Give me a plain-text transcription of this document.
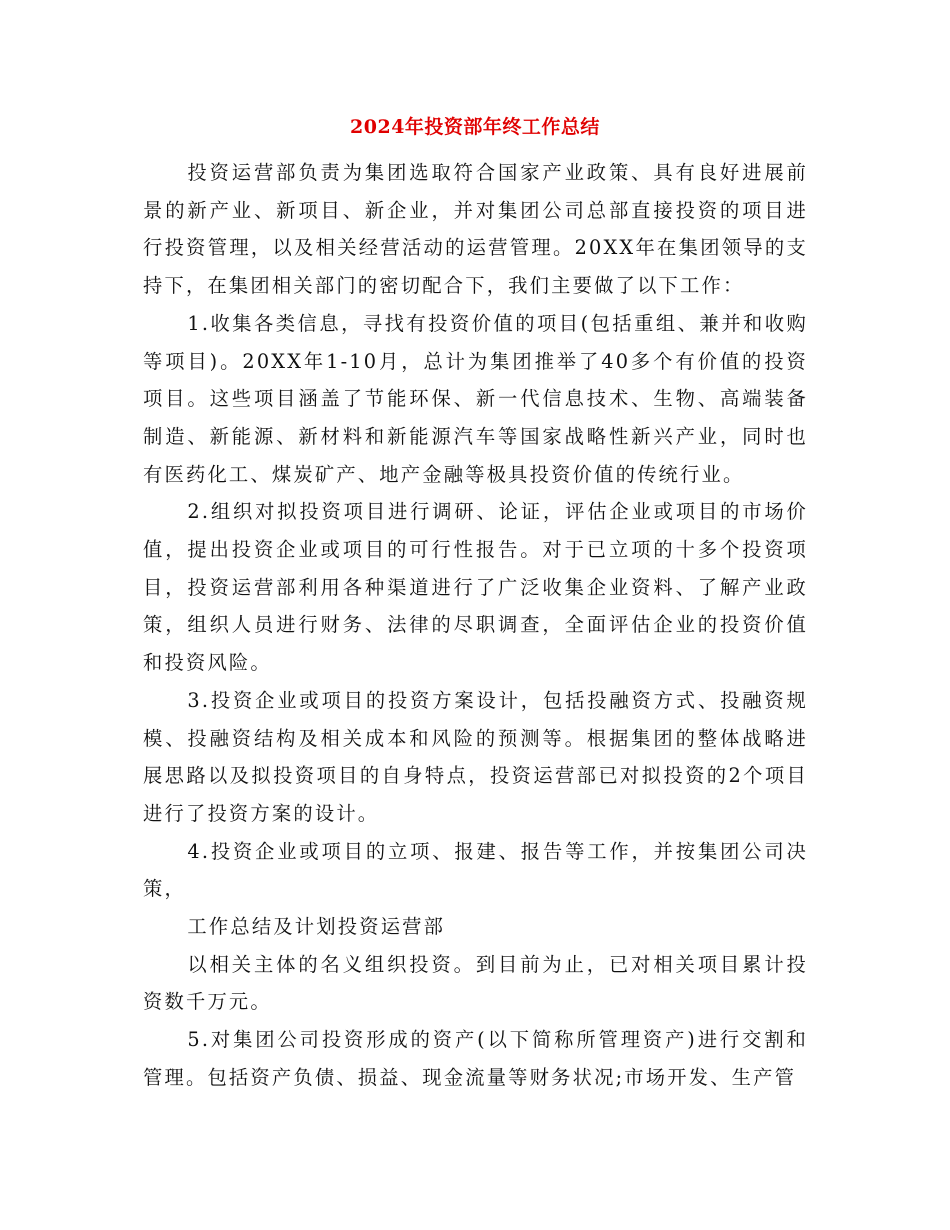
2024年投资部年终工作总结

投资运营部负责为集团选取符合国家产业政策、具有良好进展前景的新产业、新项目、新企业，并对集团公司总部直接投资的项目进行投资管理，以及相关经营活动的运营管理。20XX年在集团领导的支持下，在集团相关部门的密切配合下，我们主要做了以下工作：

1.收集各类信息，寻找有投资价值的项目(包括重组、兼并和收购等项目)。20XX年1-10月，总计为集团推举了40多个有价值的投资项目。这些项目涵盖了节能环保、新一代信息技术、生物、高端装备制造、新能源、新材料和新能源汽车等国家战略性新兴产业，同时也有医药化工、煤炭矿产、地产金融等极具投资价值的传统行业。

2.组织对拟投资项目进行调研、论证，评估企业或项目的市场价值，提出投资企业或项目的可行性报告。对于已立项的十多个投资项目，投资运营部利用各种渠道进行了广泛收集企业资料、了解产业政策，组织人员进行财务、法律的尽职调查，全面评估企业的投资价值和投资风险。

3.投资企业或项目的投资方案设计，包括投融资方式、投融资规模、投融资结构及相关成本和风险的预测等。根据集团的整体战略进展思路以及拟投资项目的自身特点，投资运营部已对拟投资的2个项目进行了投资方案的设计。

4.投资企业或项目的立项、报建、报告等工作，并按集团公司决策，

工作总结及计划投资运营部

以相关主体的名义组织投资。到目前为止，已对相关项目累计投资数千万元。

5.对集团公司投资形成的资产(以下简称所管理资产)进行交割和管理。包括资产负债、损益、现金流量等财务状况;市场开发、生产管
